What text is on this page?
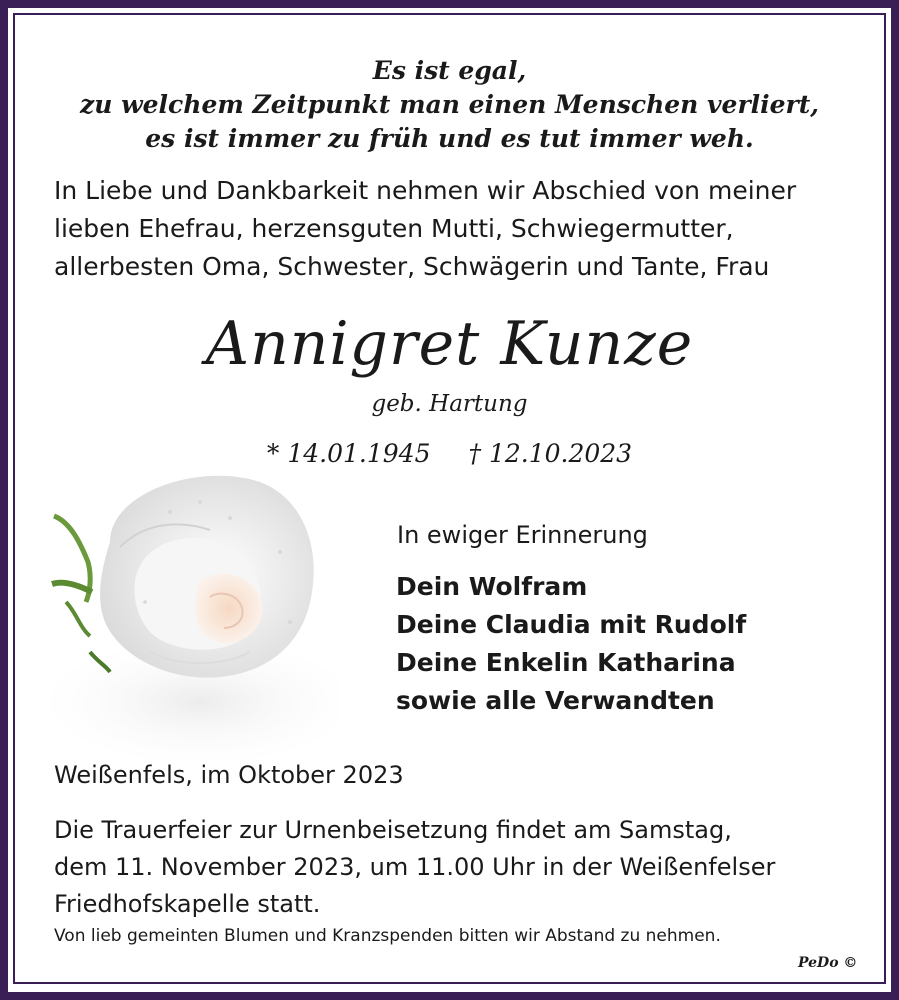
Es ist egal,
zu welchem Zeitpunkt man einen Menschen verliert,
es ist immer zu früh und es tut immer weh.
In Liebe und Dankbarkeit nehmen wir Abschied von meiner
lieben Ehefrau, herzensguten Mutti, Schwiegermutter,
allerbesten Oma, Schwester, Schwägerin und Tante, Frau
Annigret Kunze
geb. Hartung
* 14.01.1945 † 12.10.2023
In ewiger Erinnerung
Dein Wolfram
Deine Claudia mit Rudolf
Deine Enkelin Katharina
sowie alle Verwandten
Weißenfels, im Oktober 2023
Die Trauerfeier zur Urnenbeisetzung findet am Samstag,
dem 11. November 2023, um 11.00 Uhr in der Weißenfelser
Friedhofskapelle statt.
Von lieb gemeinten Blumen und Kranzspenden bitten wir Abstand zu nehmen.
PeDo ©
